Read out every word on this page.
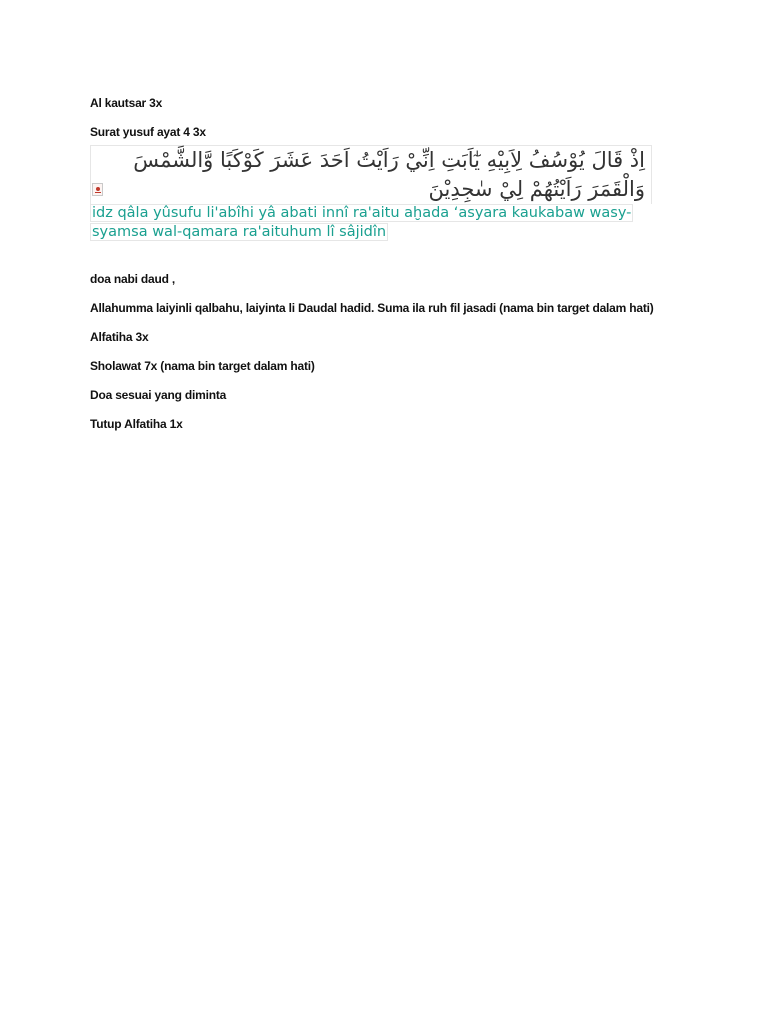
Al kautsar 3x

Surat yusuf ayat 4 3x

اِذْ قَالَ يُوْسُفُ لِاَبِيْهِ يٰٓاَبَتِ اِنِّيْ رَاَيْتُ اَحَدَ عَشَرَ كَوْكَبًا وَّالشَّمْسَ وَالْقَمَرَ رَاَيْتُهُمْ لِيْ سٰجِدِيْنَ
idz qâla yûsufu li'abîhi yâ abati innî ra'aitu aḫada ‘asyara kaukabaw wasy-syamsa wal-qamara ra'aituhum lî sâjidîn

doa nabi daud ,

Allahumma laiyinli qalbahu, laiyinta li Daudal hadid. Suma ila ruh fil jasadi (nama bin target dalam hati)

Alfatiha 3x

Sholawat 7x (nama bin target dalam hati)

Doa sesuai yang diminta

Tutup Alfatiha 1x
